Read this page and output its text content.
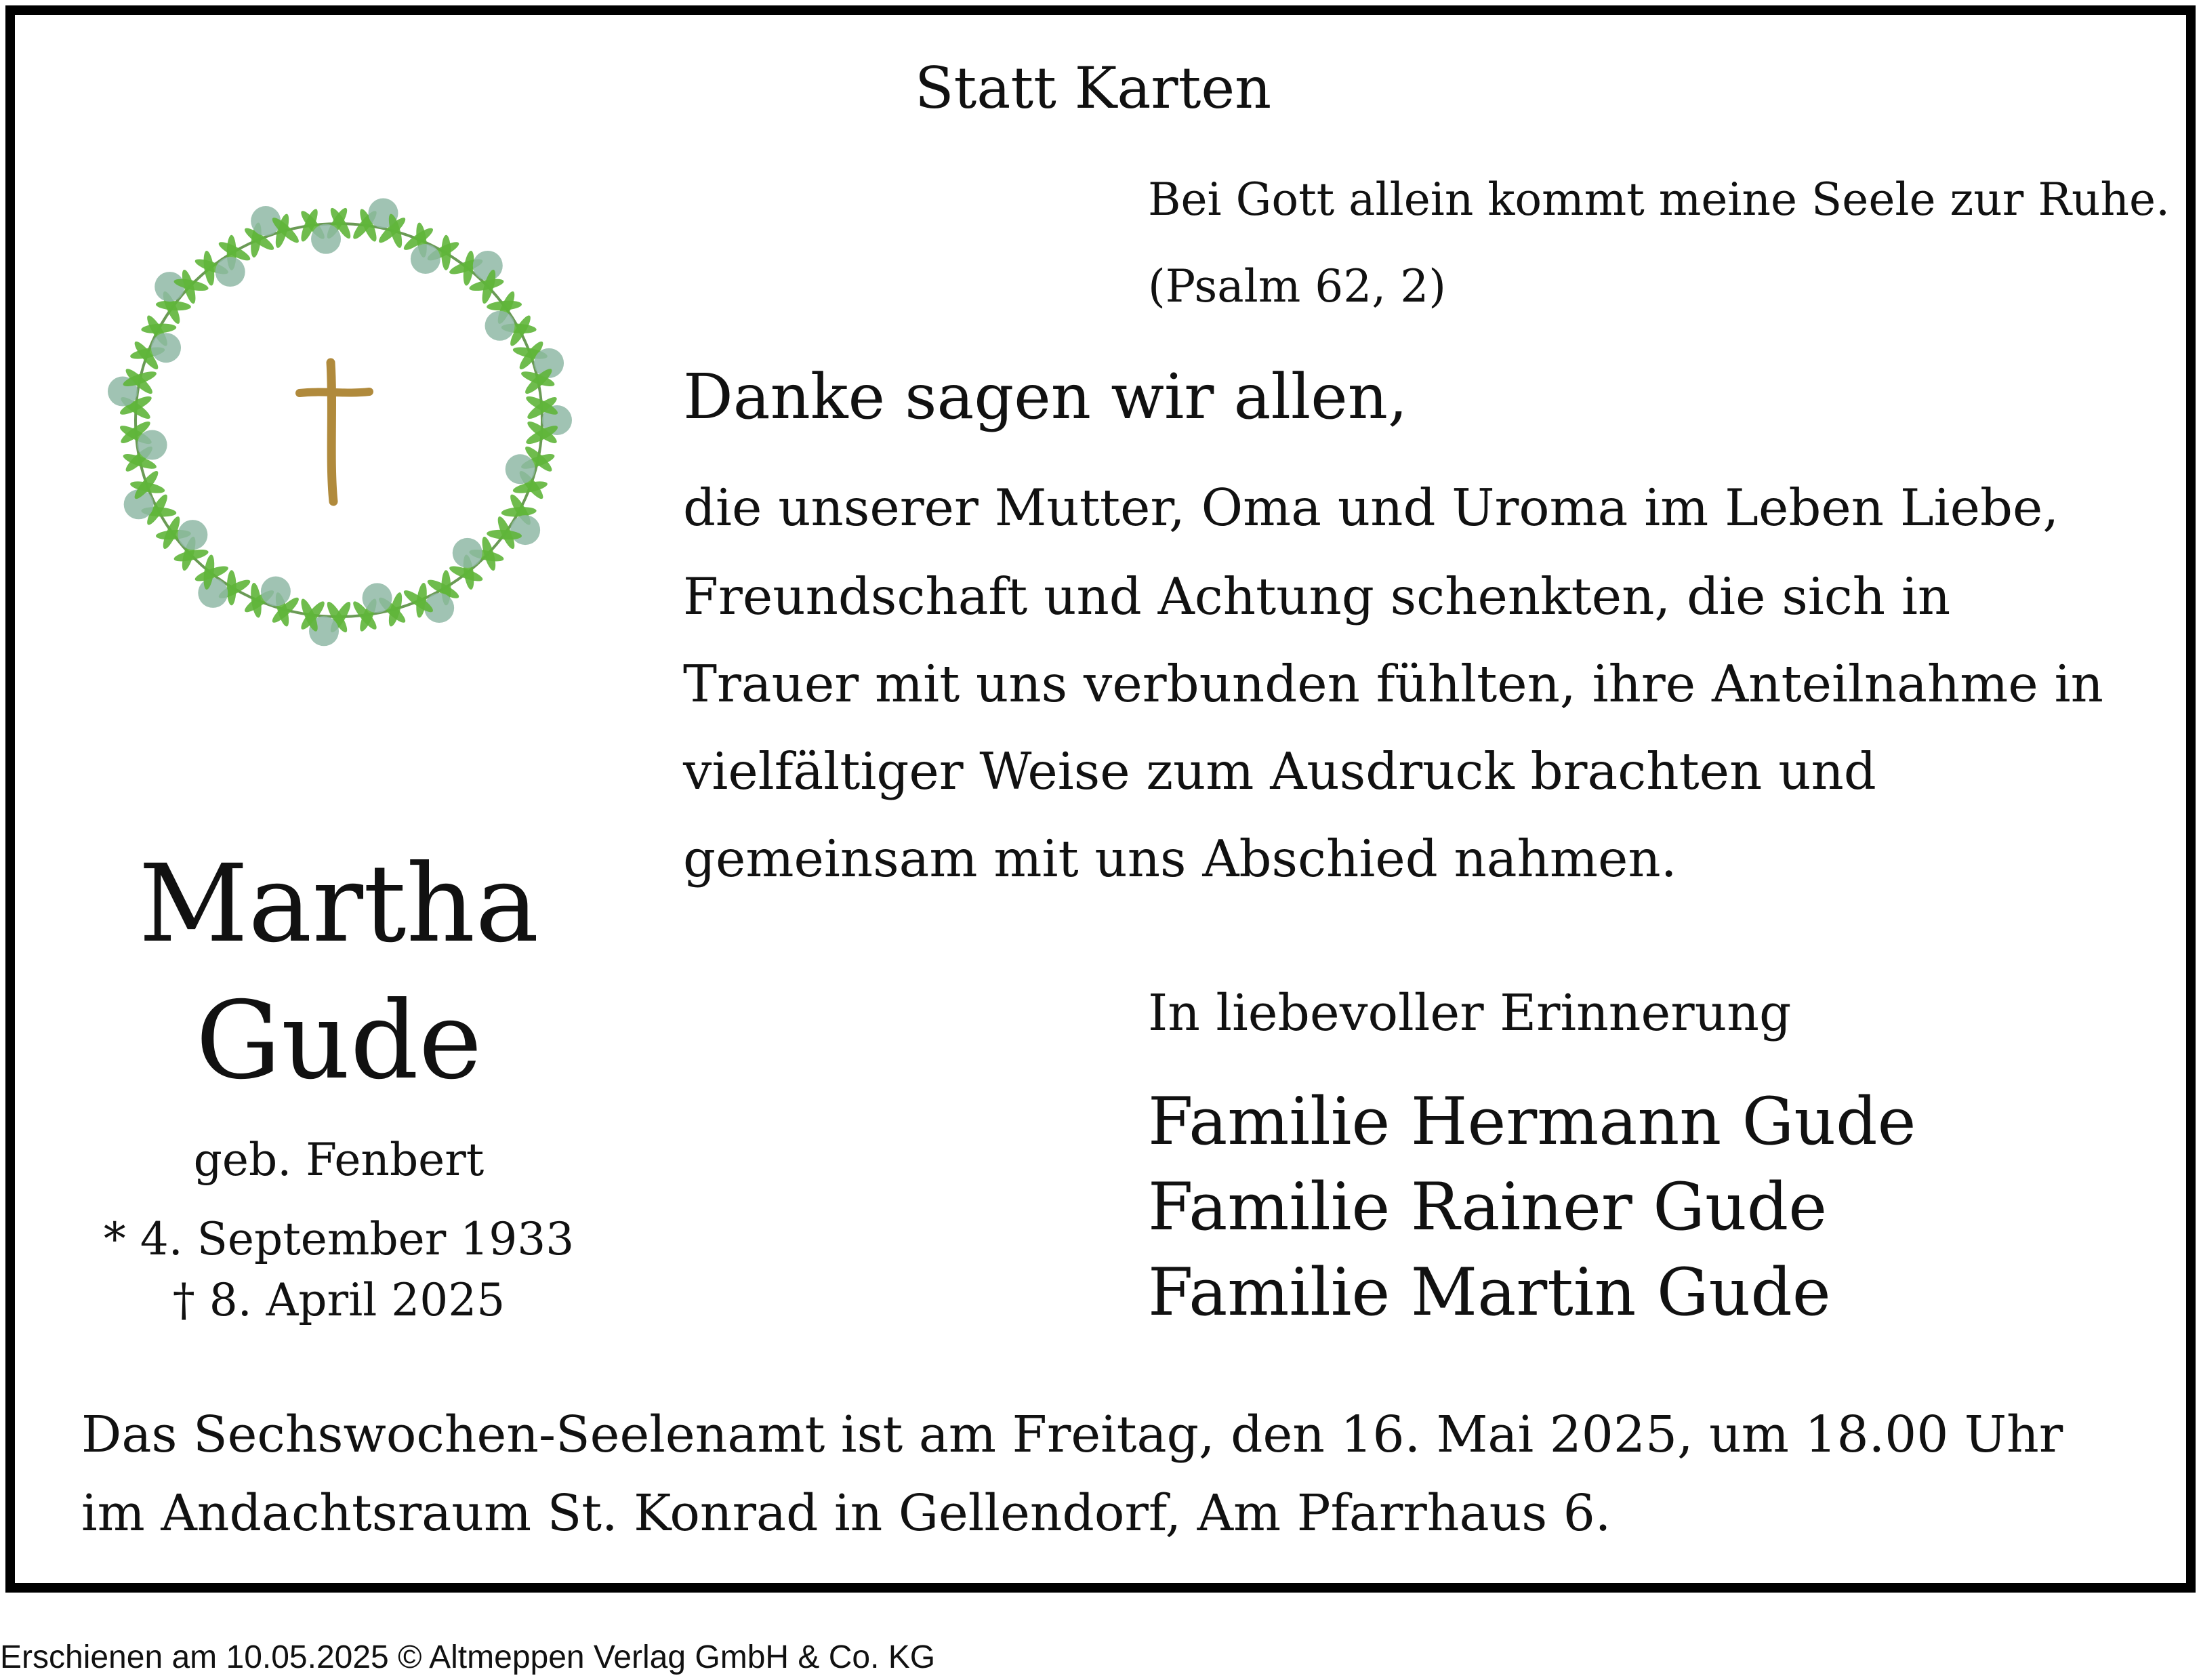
Statt Karten
Bei Gott allein kommt meine Seele zur Ruhe.
(Psalm 62, 2)
Danke sagen wir allen,
die unserer Mutter, Oma und Uroma im Leben Liebe,
Freundschaft und Achtung schenkten, die sich in
Trauer mit uns verbunden fühlten, ihre Anteilnahme in
vielfältiger Weise zum Ausdruck brachten und
gemeinsam mit uns Abschied nahmen.
Martha
Gude
geb. Fenbert
* 4. September 1933
† 8. April 2025
In liebevoller Erinnerung
Familie Hermann Gude
Familie Rainer Gude
Familie Martin Gude
Das Sechswochen-Seelenamt ist am Freitag, den 16. Mai 2025, um 18.00 Uhr
im Andachtsraum St. Konrad in Gellendorf, Am Pfarrhaus 6.
Erschienen am 10.05.2025 © Altmeppen Verlag GmbH & Co. KG
